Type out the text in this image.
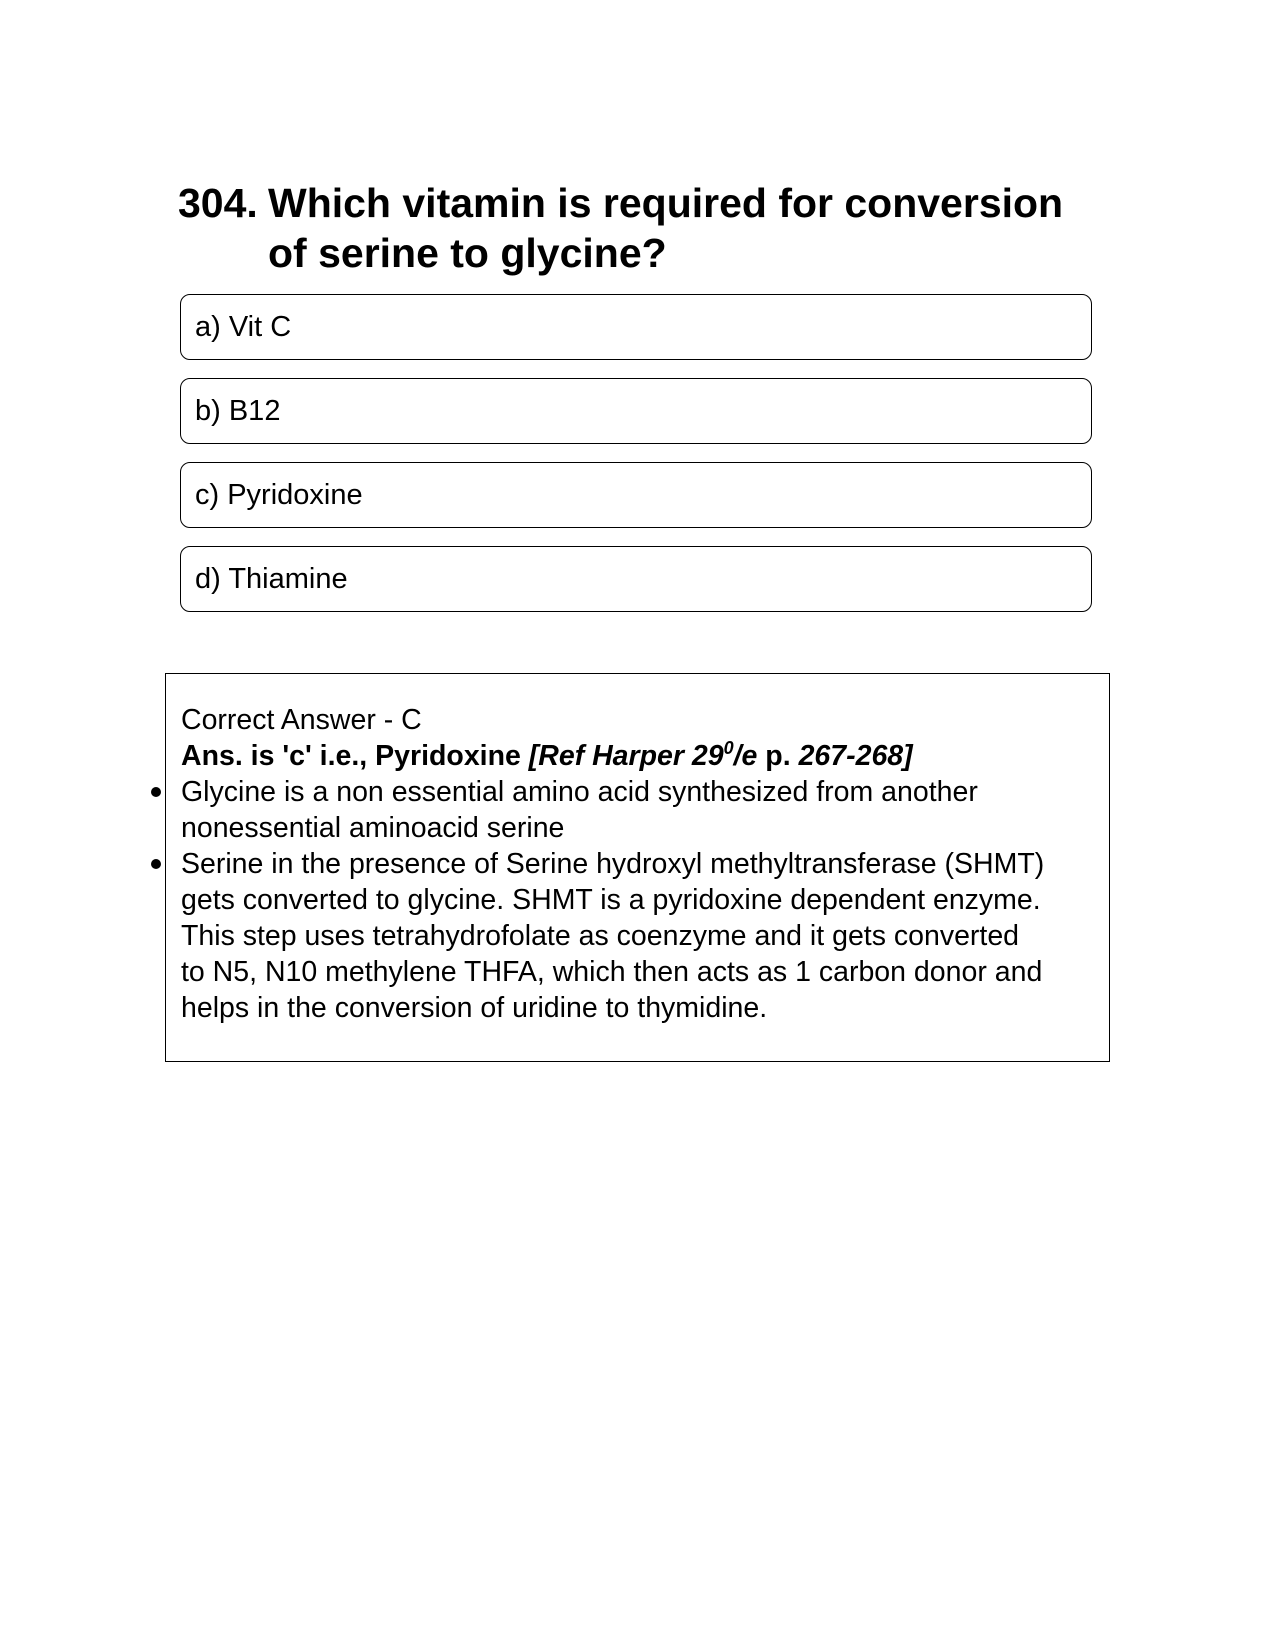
304. Which vitamin is required for conversion of serine to glycine?
a) Vit C
b) B12
c) Pyridoxine
d) Thiamine

Correct Answer - C

Ans. is 'c' i.e., Pyridoxine [Ref Harper 29$^0$/e p. 267-268]

Glycine is a non essential amino acid synthesized from another

nonessential aminoacid serine

Serine in the presence of Serine hydroxyl methyltransferase (SHMT)

gets converted to glycine. SHMT is a pyridoxine dependent enzyme.

This step uses tetrahydrofolate as coenzyme and it gets converted

to N5, N10 methylene THFA, which then acts as 1 carbon donor and

helps in the conversion of uridine to thymidine.
